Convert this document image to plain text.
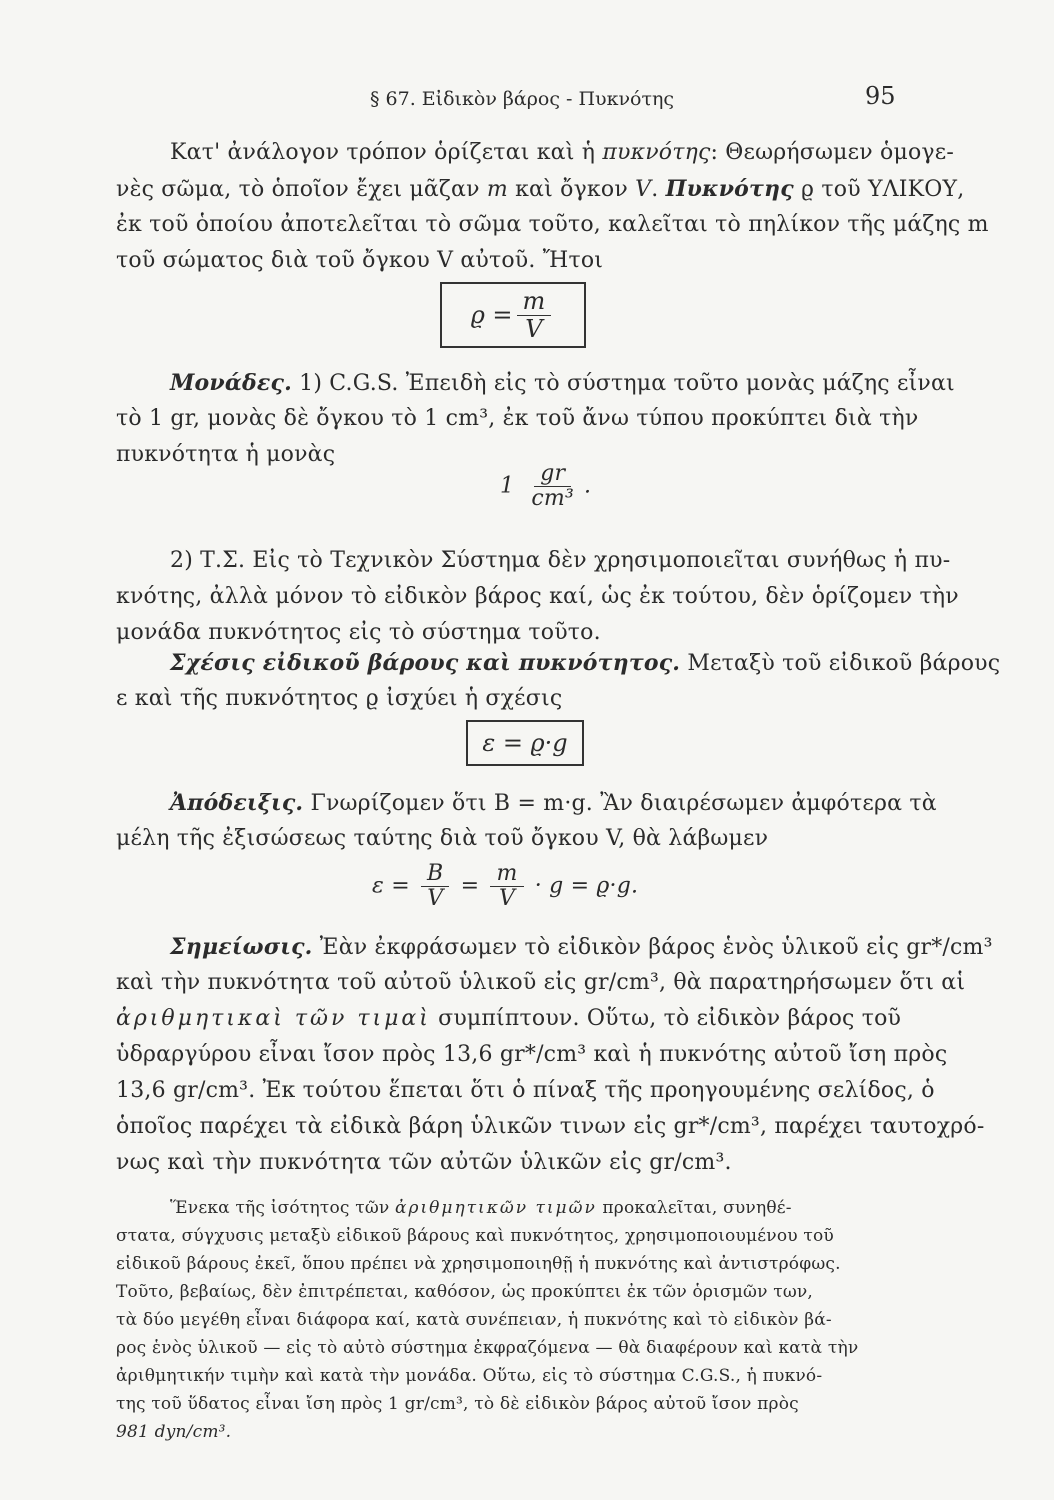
§ 67. Εἰδικὸν βάρος - Πυκνότης	95
Κατ' ἀνάλογον τρόπον ὁρίζεται καὶ ἡ πυκνότης: Θεωρήσωμεν ὁμογε-
νὲς σῶμα, τὸ ὁποῖον ἔχει μᾶζαν m καὶ ὄγκον V. Πυκνότης ϱ τοῦ ΥΛΙΚΟΥ,
ἐκ τοῦ ὁποίου ἀποτελεῖται τὸ σῶμα τοῦτο, καλεῖται τὸ πηλίκον τῆς μάζης m
τοῦ σώματος διὰ τοῦ ὄγκου V αὐτοῦ. Ἤτοι
$ϱ = \frac{m}{V}$
Μονάδες. 1) C.G.S. Ἐπειδὴ εἰς τὸ σύστημα τοῦτο μονὰς μάζης εἶναι
τὸ 1 gr, μονὰς δὲ ὄγκου τὸ 1 cm³, ἐκ τοῦ ἄνω τύπου προκύπτει διὰ τὴν
πυκνότητα ἡ μονὰς
$1 \frac{gr}{\text{cm³}}$ .
2) Τ.Σ. Εἰς τὸ Τεχνικὸν Σύστημα δὲν χρησιμοποιεῖται συνήθως ἡ πυ-
κνότης, ἀλλὰ μόνον τὸ εἰδικὸν βάρος καί, ὡς ἐκ τούτου, δὲν ὁρίζομεν τὴν
μονάδα πυκνότητος εἰς τὸ σύστημα τοῦτο.
Σχέσις εἰδικοῦ βάρους καὶ πυκνότητος. Μεταξὺ τοῦ εἰδικοῦ βάρους
ε καὶ τῆς πυκνότητος ϱ ἰσχύει ἡ σχέσις
ε = ϱ·g
Ἀπόδειξις. Γνωρίζομεν ὅτι B = m·g. Ἂν διαιρέσωμεν ἀμφότερα τὰ
μέλη τῆς ἐξισώσεως ταύτης διὰ τοῦ ὄγκου V, θὰ λάβωμεν
$\varepsilon = \frac{B}{V} = \frac{m}{V} \cdot g = ϱ\cdot g$.
Σημείωσις. Ἐὰν ἐκφράσωμεν τὸ εἰδικὸν βάρος ἑνὸς ὑλικοῦ εἰς gr*/cm³
καὶ τὴν πυκνότητα τοῦ αὐτοῦ ὑλικοῦ εἰς gr/cm³, θὰ παρατηρήσωμεν ὅτι αἱ
ἀριθμητικαὶ τῶν τιμαὶ συμπίπτουν. Οὕτω, τὸ εἰδικὸν βάρος τοῦ
ὑδραργύρου εἶναι ἴσον πρὸς 13,6 gr*/cm³ καὶ ἡ πυκνότης αὐτοῦ ἴση πρὸς
13,6 gr/cm³. Ἐκ τούτου ἕπεται ὅτι ὁ πίναξ τῆς προηγουμένης σελίδος, ὁ
ὁποῖος παρέχει τὰ εἰδικὰ βάρη ὑλικῶν τινων εἰς gr*/cm³, παρέχει ταυτοχρό-
νως καὶ τὴν πυκνότητα τῶν αὐτῶν ὑλικῶν εἰς gr/cm³.
Ἕνεκα τῆς ἰσότητος τῶν ἀριθμητικῶν τιμῶν προκαλεῖται, συνηθέ-
στατα, σύγχυσις μεταξὺ εἰδικοῦ βάρους καὶ πυκνότητος, χρησιμοποιουμένου τοῦ
εἰδικοῦ βάρους ἐκεῖ, ὅπου πρέπει νὰ χρησιμοποιηθῇ ἡ πυκνότης καὶ ἀντιστρόφως.
Τοῦτο, βεβαίως, δὲν ἐπιτρέπεται, καθόσον, ὡς προκύπτει ἐκ τῶν ὁρισμῶν των,
τὰ δύο μεγέθη εἶναι διάφορα καί, κατὰ συνέπειαν, ἡ πυκνότης καὶ τὸ εἰδικὸν βά-
ρος ἑνὸς ὑλικοῦ — εἰς τὸ αὐτὸ σύστημα ἐκφραζόμενα — θὰ διαφέρουν καὶ κατὰ τὴν
ἀριθμητικήν τιμὴν καὶ κατὰ τὴν μονάδα. Οὕτω, εἰς τὸ σύστημα C.G.S., ἡ πυκνό-
της τοῦ ὕδατος εἶναι ἴση πρὸς 1 gr/cm³, τὸ δὲ εἰδικὸν βάρος αὐτοῦ ἴσον πρὸς
981 dyn/cm³.
